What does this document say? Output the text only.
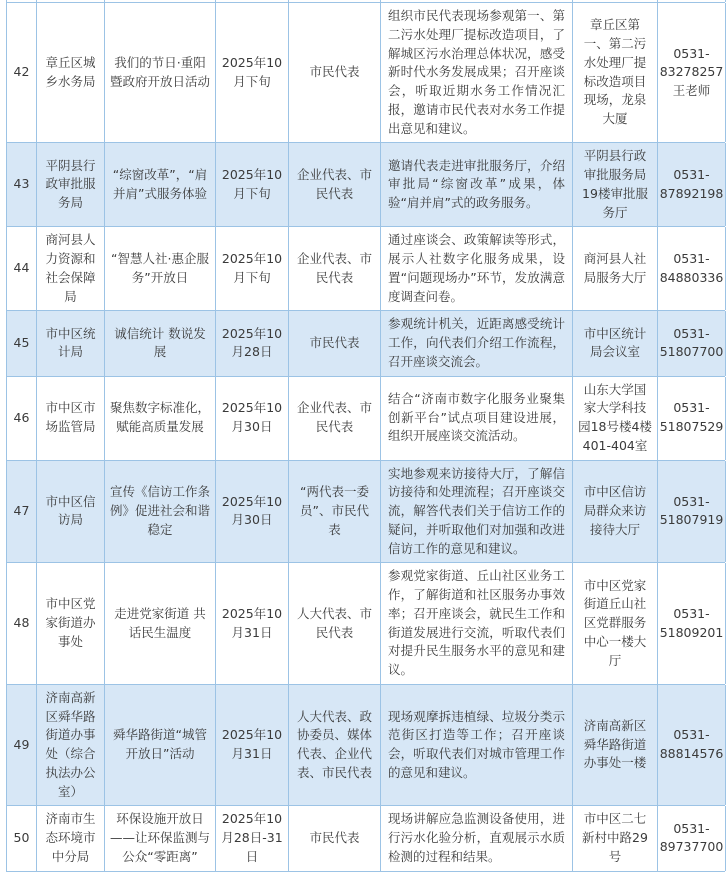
42
章丘区城乡水务局
我们的节日·重阳暨政府开放日活动
2025年10月下旬
市民代表
组织市民代表现场参观第一、第二污水处理厂提标改造项目，了解城区污水治理总体状况，感受新时代水务发展成果；召开座谈会，听取近期水务工作情况汇报，邀请市民代表对水务工作提出意见和建议。
章丘区第一、第二污水处理厂提标改造项目现场，龙泉大厦
0531-83278257 王老师
43
平阴县行政审批服务局
“综窗改革”，“肩并肩”式服务体验
2025年10月下旬
企业代表、市民代表
邀请代表走进审批服务厅，介绍审批局“综窗改革”成果，体验“肩并肩”式的政务服务。
平阴县行政审批服务局19楼审批服务厅
0531-87892198
44
商河县人力资源和社会保障局
“智慧人社·惠企服务”开放日
2025年10月下旬
企业代表、市民代表
通过座谈会、政策解读等形式，展示人社数字化服务成果，设置“问题现场办”环节，发放满意度调查问卷。
商河县人社局服务大厅
0531-84880336
45
市中区统计局
诚信统计 数说发展
2025年10月28日
市民代表
参观统计机关，近距离感受统计工作，向代表们介绍工作流程，召开座谈交流会。
市中区统计局会议室
0531-51807700
46
市中区市场监管局
聚焦数字标准化，赋能高质量发展
2025年10月30日
企业代表、市民代表
结合“济南市数字化服务业聚集创新平台”试点项目建设进展，组织开展座谈交流活动。
山东大学国家大学科技园18号楼4楼401-404室
0531-51807529
47
市中区信访局
宣传《信访工作条例》促进社会和谐稳定
2025年10月30日
“两代表一委员”、市民代表
实地参观来访接待大厅，了解信访接待和处理流程；召开座谈交流，解答代表们关于信访工作的疑问，并听取他们对加强和改进信访工作的意见和建议。
市中区信访局群众来访接待大厅
0531-51807919
48
市中区党家街道办事处
走进党家街道 共话民生温度
2025年10月31日
人大代表、市民代表
参观党家街道、丘山社区业务工作，了解街道和社区服务办事效率；召开座谈会，就民生工作和街道发展进行交流，听取代表们对提升民生服务水平的意见和建议。
市中区党家街道丘山社区党群服务中心一楼大厅
0531-51809201
49
济南高新区舜华路街道办事处（综合执法办公室）
舜华路街道“城管开放日”活动
2025年10月31日
人大代表、政协委员、媒体代表、企业代表、市民代表
现场观摩拆违植绿、垃圾分类示范街区打造等工作；召开座谈会，听取代表们对城市管理工作的意见和建议。
济南高新区舜华路街道办事处一楼
0531-88814576
50
济南市生态环境市中分局
环保设施开放日——让环保监测与公众“零距离”
2025年10月28日-31日
市民代表
现场讲解应急监测设备使用，进行污水化验分析，直观展示水质检测的过程和结果。
市中区二七新村中路29号
0531-89737700
